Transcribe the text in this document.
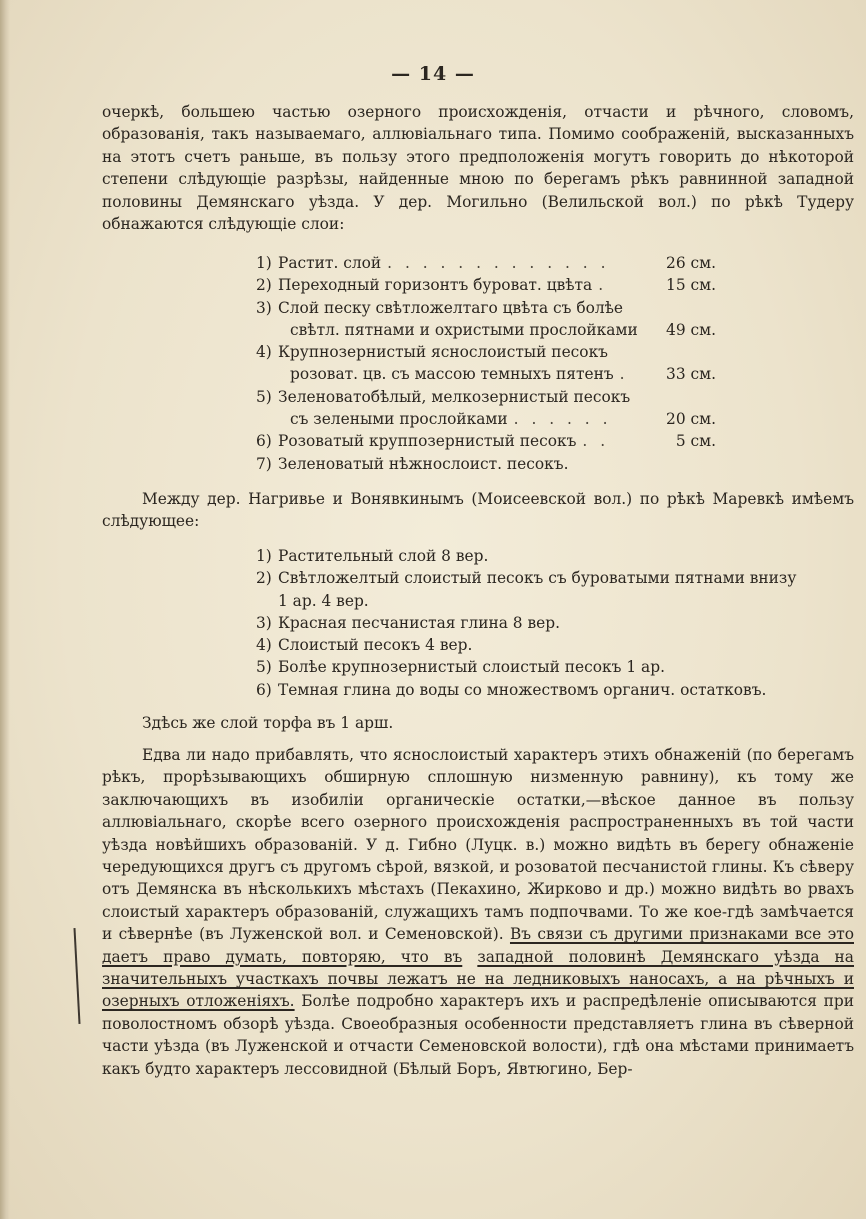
— 14 —
очеркѣ, большею частью озерного происхожденія, отчасти и рѣчного, словомъ, образованія, такъ называемаго, аллювіальнаго типа. Помимо соображеній, высказанныхъ на этотъ счетъ раньше, въ пользу этого предположенія могутъ говорить до нѣкоторой степени слѣдующіе разрѣзы, найденные мною по берегамъ рѣкъ равнинной западной половины Демянскаго уѣзда. У дер. Могильно (Велильской вол.) по рѣкѣ Тудеру обнажаются слѣдующіе слои:
1) Растит. слой . . . . . . . . . . . . .	26 см.
2) Переходный горизонтъ буроват. цвѣта .	15 см.
3) Слой песку свѣтложелтаго цвѣта съ болѣе
свѣтл. пятнами и охристыми прослойками	49 см.
4) Крупнозернистый яснослоистый песокъ
розоват. цв. съ массою темныхъ пятенъ .	33 см.
5) Зеленоватобѣлый, мелкозернистый песокъ
съ зелеными прослойками . . . . . .	20 см.
6) Розоватый круппозернистый песокъ . .	5 см.
7) Зеленоватый нѣжнослоист. песокъ.
Между дер. Нагривье и Вонявкинымъ (Моисеевской вол.) по рѣкѣ Маревкѣ имѣемъ слѣдующее:
1) Растительный слой 8 вер.
2) Свѣтложелтый слоистый песокъ съ буроватыми пятнами внизу
1 ар. 4 вер.
3) Красная песчанистая глина 8 вер.
4) Слоистый песокъ 4 вер.
5) Болѣе крупнозернистый слоистый песокъ 1 ар.
6) Темная глина до воды со множествомъ органич. остатковъ.
Здѣсь же слой торфа въ 1 арш.
Едва ли надо прибавлять, что яснослоистый характеръ этихъ обнаженій (по берегамъ рѣкъ, прорѣзывающихъ обширную сплошную низменную равнину), къ тому же заключающихъ въ изобиліи органическіе остатки,—вѣское данное въ пользу аллювіальнаго, скорѣе всего озерного происхожденія распространенныхъ въ той части уѣзда новѣйшихъ образованій. У д. Гибно (Луцк. в.) можно видѣть въ берегу обнаженіе чередующихся другъ съ другомъ сѣрой, вязкой, и розоватой песчанистой глины. Къ сѣверу отъ Демянска въ нѣсколькихъ мѣстахъ (Пекахино, Жирково и др.) можно видѣть во рвахъ слоистый характеръ образованій, служащихъ тамъ подпочвами. То же кое-гдѣ замѣчается и сѣвернѣе (въ Луженской вол. и Семеновской). Въ связи съ другими признаками все это даетъ право думать, повторяю, что въ западной половинѣ Демянскаго уѣзда на значительныхъ участкахъ почвы лежатъ не на ледниковыхъ наносахъ, а на рѣчныхъ и озерныхъ отложеніяхъ. Болѣе подробно характеръ ихъ и распредѣленіе описываются при поволостномъ обзорѣ уѣзда. Своеобразныя особенности представляетъ глина въ сѣверной части уѣзда (въ Луженской и отчасти Семеновской волости), гдѣ она мѣстами принимаетъ какъ будто характеръ лессовидной (Бѣлый Боръ, Явтюгино, Бер-
